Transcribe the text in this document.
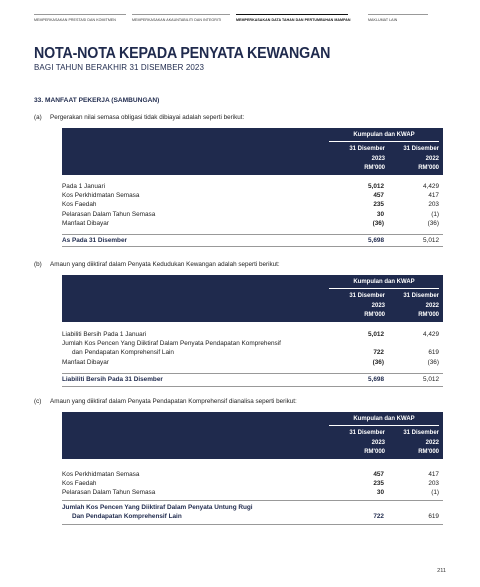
MEMPERKASAKAN PRESTASI DAN KOMITMEN	MEMPERKASAKAN AKAUNTABILITI DAN INTEGRITI	MEMPERKASAKAN DATA TAHAN DAN PERTUMBUHAN MAMPAN	MAKLUMAT LAIN
NOTA-NOTA KEPADA PENYATA KEWANGAN
BAGI TAHUN BERAKHIR 31 DISEMBER 2023
33. MANFAAT PEKERJA (SAMBUNGAN)
(a) Pergerakan nilai semasa obligasi tidak dibiayai adalah seperti berikut:
Kumpulan dan KWAP
31 Disember
2023
RM'000
31 Disember
2022
RM'000
Pada 1 Januari	5,012	4,429
Kos Perkhidmatan Semasa	457	417
Kos Faedah	235	203
Pelarasan Dalam Tahun Semasa	30	(1)
Manfaat Dibayar	(36)	(36)
As Pada 31 Disember	5,698	5,012
(b) Amaun yang diiktiraf dalam Penyata Kedudukan Kewangan adalah seperti berikut:
Kumpulan dan KWAP
31 Disember
2023
RM'000
31 Disember
2022
RM'000
Liabiliti Bersih Pada 1 Januari	5,012	4,429
Jumlah Kos Pencen Yang Diiktiraf Dalam Penyata Pendapatan Komprehensif
dan Pendapatan Komprehensif Lain	722	619
Manfaat Dibayar	(36)	(36)
Liabiliti Bersih Pada 31 Disember	5,698	5,012
(c) Amaun yang diiktiraf dalam Penyata Pendapatan Komprehensif dianalisa seperti berikut:
Kumpulan dan KWAP
31 Disember
2023
RM'000
31 Disember
2022
RM'000
Kos Perkhidmatan Semasa	457	417
Kos Faedah	235	203
Pelarasan Dalam Tahun Semasa	30	(1)
Jumlah Kos Pencen Yang Diiktiraf Dalam Penyata Untung Rugi
Dan Pendapatan Komprehensif Lain	722	619
211
